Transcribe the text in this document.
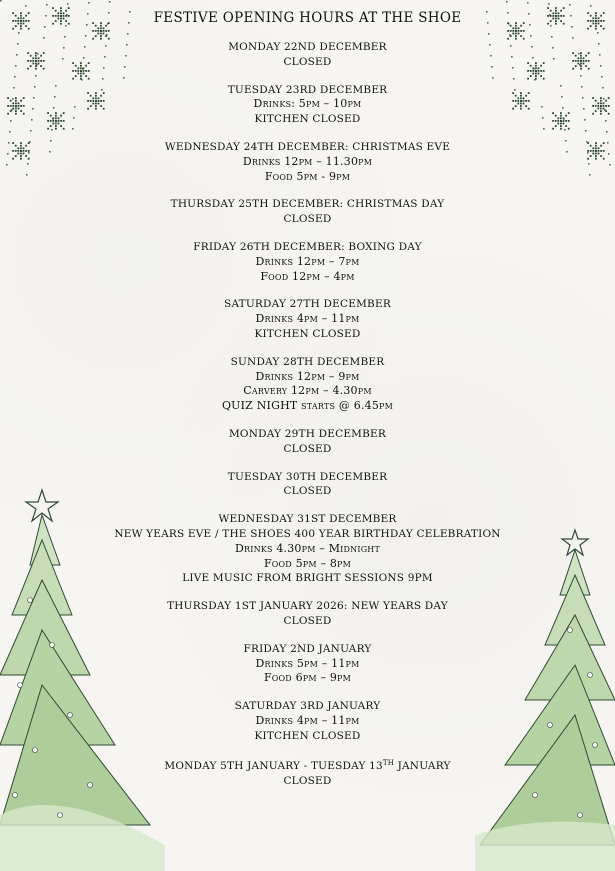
FESTIVE OPENING HOURS AT THE SHOE
MONDAY 22ND DECEMBER
CLOSED
TUESDAY 23RD DECEMBER
Drinks: 5pm – 10pm
KITCHEN CLOSED
WEDNESDAY 24TH DECEMBER: CHRISTMAS EVE
Drinks 12pm – 11.30pm
Food 5pm - 9pm
THURSDAY 25TH DECEMBER: CHRISTMAS DAY
CLOSED
FRIDAY 26TH DECEMBER: BOXING DAY
Drinks 12pm – 7pm
Food 12pm – 4pm
SATURDAY 27TH DECEMBER
Drinks 4pm – 11pm
KITCHEN CLOSED
SUNDAY 28TH DECEMBER
Drinks 12pm – 9pm
Carvery 12pm – 4.30pm
QUIZ NIGHT starts @ 6.45pm
MONDAY 29TH DECEMBER
CLOSED
TUESDAY 30TH DECEMBER
CLOSED
WEDNESDAY 31ST DECEMBER
NEW YEARS EVE / THE SHOES 400 YEAR BIRTHDAY CELEBRATION
Drinks 4.30pm – Midnight
Food 5pm – 8pm
LIVE MUSIC FROM BRIGHT SESSIONS 9PM
THURSDAY 1ST JANUARY 2026: NEW YEARS DAY
CLOSED
FRIDAY 2ND JANUARY
Drinks 5pm – 11pm
Food 6pm – 9pm
SATURDAY 3RD JANUARY
Drinks 4pm – 11pm
KITCHEN CLOSED
MONDAY 5TH JANUARY - TUESDAY 13TH JANUARY
CLOSED
